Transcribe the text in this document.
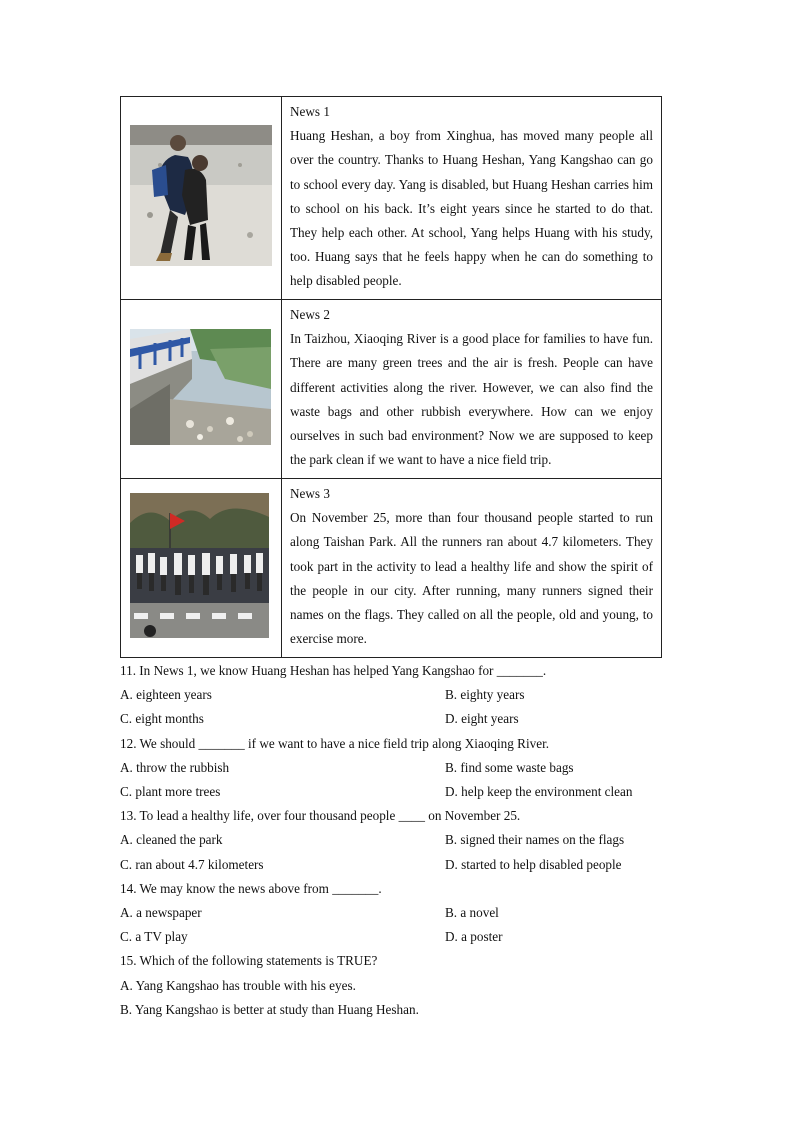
News 1
Huang Heshan, a boy from Xinghua, has moved many people all over the country. Thanks to Huang Heshan, Yang Kangshao can go to school every day. Yang is disabled, but Huang Heshan carries him to school on his back. It’s eight years since he started to do that. They help each other. At school, Yang helps Huang with his study, too. Huang says that he feels happy when he can do something to help disabled people.

News 2
In Taizhou, Xiaoqing River is a good place for families to have fun. There are many green trees and the air is fresh. People can have different activities along the river. However, we can also find the waste bags and other rubbish everywhere. How can we enjoy ourselves in such bad environment? Now we are supposed to keep the park clean if we want to have a nice field trip.

News 3
On November 25, more than four thousand people started to run along Taishan Park. All the runners ran about 4.7 kilometers. They took part in the activity to lead a healthy life and show the spirit of the people in our city. After running, many runners signed their names on the flags. They called on all the people, old and young, to exercise more.
11. In News 1, we know Huang Heshan has helped Yang Kangshao for _______.
A. eighteen years	B. eighty years
C. eight months	D. eight years
12. We should _______ if we want to have a nice field trip along Xiaoqing River.
A. throw the rubbish	B. find some waste bags
C. plant more trees	D. help keep the environment clean
13. To lead a healthy life, over four thousand people ____ on November 25.
A. cleaned the park	B. signed their names on the flags
C. ran about 4.7 kilometers	D. started to help disabled people
14. We may know the news above from _______.
A. a newspaper	B. a novel
C. a TV play	D. a poster
15. Which of the following statements is TRUE?
A. Yang Kangshao has trouble with his eyes.
B. Yang Kangshao is better at study than Huang Heshan.
